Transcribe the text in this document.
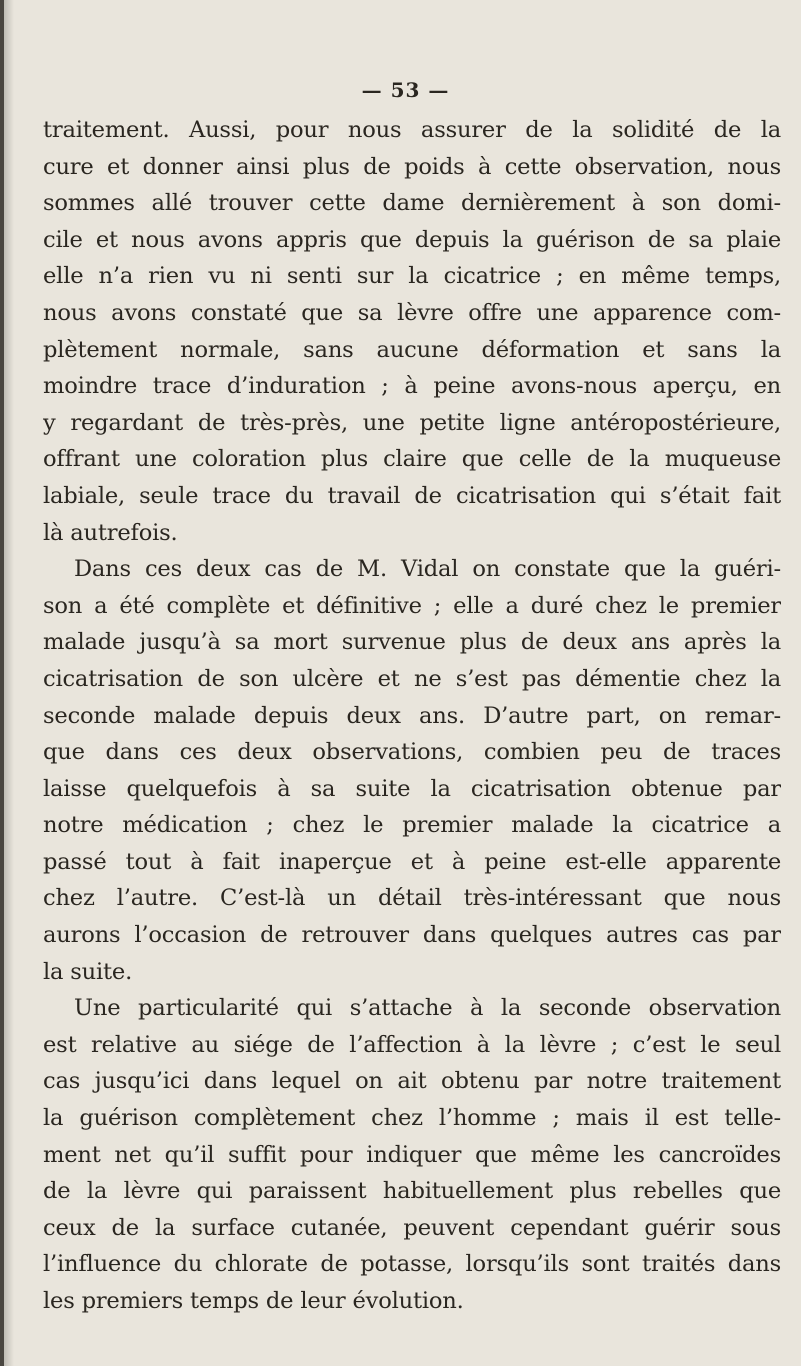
— 53 —
traitement. Aussi, pour nous assurer de la solidité de la
cure et donner ainsi plus de poids à cette observation, nous
sommes allé trouver cette dame dernièrement à son domi-
cile et nous avons appris que depuis la guérison de sa plaie
elle n’a rien vu ni senti sur la cicatrice ; en même temps,
nous avons constaté que sa lèvre offre une apparence com-
plètement normale, sans aucune déformation et sans la
moindre trace d’induration ; à peine avons-nous aperçu, en
y regardant de très-près, une petite ligne antéropostérieure,
offrant une coloration plus claire que celle de la muqueuse
labiale, seule trace du travail de cicatrisation qui s’était fait
là autrefois.
Dans ces deux cas de M. Vidal on constate que la guéri-
son a été complète et définitive ; elle a duré chez le premier
malade jusqu’à sa mort survenue plus de deux ans après la
cicatrisation de son ulcère et ne s’est pas démentie chez la
seconde malade depuis deux ans. D’autre part, on remar-
que dans ces deux observations, combien peu de traces
laisse quelquefois à sa suite la cicatrisation obtenue par
notre médication ; chez le premier malade la cicatrice a
passé tout à fait inaperçue et à peine est-elle apparente
chez l’autre. C’est-là un détail très-intéressant que nous
aurons l’occasion de retrouver dans quelques autres cas par
la suite.
Une particularité qui s’attache à la seconde observation
est relative au siége de l’affection à la lèvre ; c’est le seul
cas jusqu’ici dans lequel on ait obtenu par notre traitement
la guérison complètement chez l’homme ; mais il est telle-
ment net qu’il suffit pour indiquer que même les cancroïdes
de la lèvre qui paraissent habituellement plus rebelles que
ceux de la surface cutanée, peuvent cependant guérir sous
l’influence du chlorate de potasse, lorsqu’ils sont traités dans
les premiers temps de leur évolution.
